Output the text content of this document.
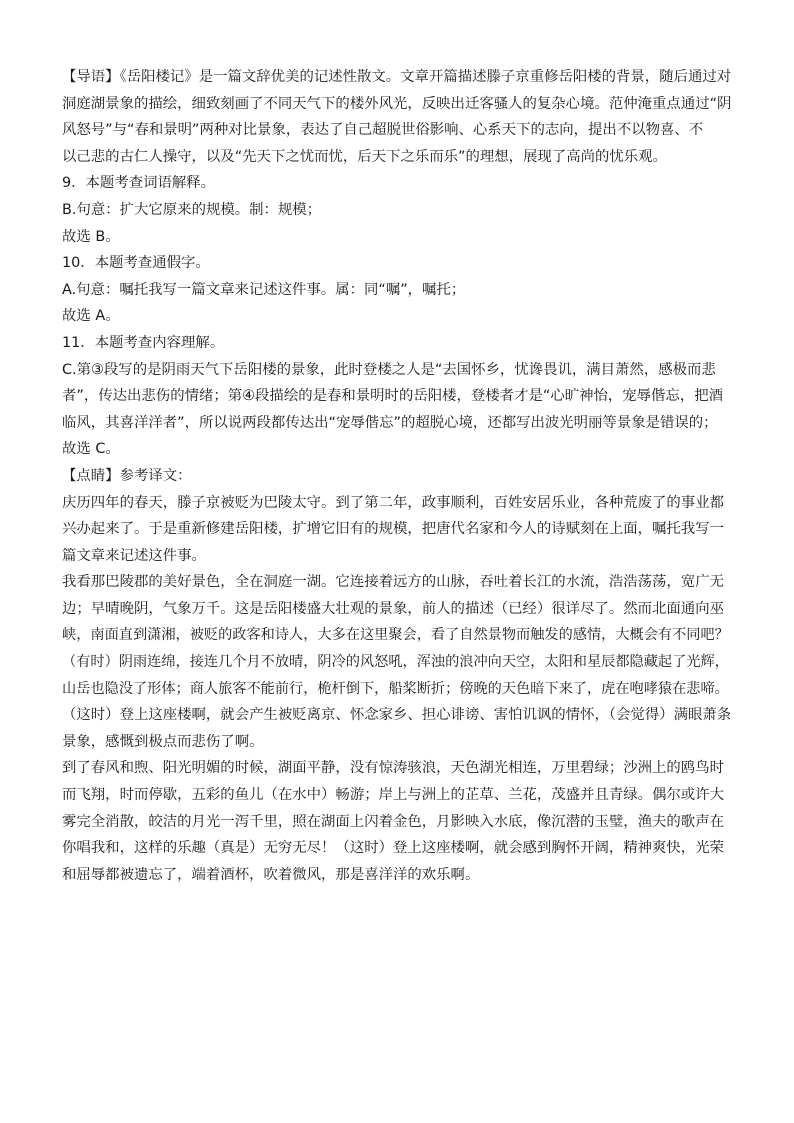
【导语】《岳阳楼记》是一篇文辞优美的记述性散文。文章开篇描述滕子京重修岳阳楼的背景，随后通过对
洞庭湖景象的描绘，细致刻画了不同天气下的楼外风光，反映出迁客骚人的复杂心境。范仲淹重点通过“阴
风怒号”与“春和景明”两种对比景象，表达了自己超脱世俗影响、心系天下的志向，提出不以物喜、不
以己悲的古仁人操守，以及“先天下之忧而忧，后天下之乐而乐”的理想，展现了高尚的忧乐观。
9．本题考查词语解释。
B.句意：扩大它原来的规模。制：规模；
故选 B。
10．本题考查通假字。
A.句意：嘱托我写一篇文章来记述这件事。属：同“嘱”，嘱托；
故选 A。
11．本题考查内容理解。
C.第③段写的是阴雨天气下岳阳楼的景象，此时登楼之人是“去国怀乡，忧谗畏讥，满目萧然，感极而悲
者”，传达出悲伤的情绪；第④段描绘的是春和景明时的岳阳楼，登楼者才是“心旷神怡，宠辱偕忘，把酒
临风，其喜洋洋者”，所以说两段都传达出“宠辱偕忘”的超脱心境，还都写出波光明丽等景象是错误的；
故选 C。
【点睛】参考译文：
庆历四年的春天，滕子京被贬为巴陵太守。到了第二年，政事顺利，百姓安居乐业，各种荒废了的事业都
兴办起来了。于是重新修建岳阳楼，扩增它旧有的规模，把唐代名家和今人的诗赋刻在上面，嘱托我写一
篇文章来记述这件事。
我看那巴陵郡的美好景色，全在洞庭一湖。它连接着远方的山脉，吞吐着长江的水流，浩浩荡荡，宽广无
边；早晴晚阴，气象万千。这是岳阳楼盛大壮观的景象，前人的描述（已经）很详尽了。然而北面通向巫
峡，南面直到潇湘，被贬的政客和诗人，大多在这里聚会，看了自然景物而触发的感情，大概会有不同吧？
（有时）阴雨连绵，接连几个月不放晴，阴冷的风怒吼，浑浊的浪冲向天空，太阳和星辰都隐藏起了光辉，
山岳也隐没了形体；商人旅客不能前行，桅杆倒下，船桨断折；傍晚的天色暗下来了，虎在咆哮猿在悲啼。
（这时）登上这座楼啊，就会产生被贬离京、怀念家乡、担心诽谤、害怕讥讽的情怀，（会觉得）满眼萧条
景象，感慨到极点而悲伤了啊。
到了春风和煦、阳光明媚的时候，湖面平静，没有惊涛骇浪，天色湖光相连，万里碧绿；沙洲上的鸥鸟时
而飞翔，时而停歇，五彩的鱼儿（在水中）畅游；岸上与洲上的芷草、兰花，茂盛并且青绿。偶尔或许大
雾完全消散，皎洁的月光一泻千里，照在湖面上闪着金色，月影映入水底，像沉潜的玉璧，渔夫的歌声在
你唱我和，这样的乐趣（真是）无穷无尽！（这时）登上这座楼啊，就会感到胸怀开阔，精神爽快，光荣
和屈辱都被遗忘了，端着酒杯，吹着微风，那是喜洋洋的欢乐啊。
